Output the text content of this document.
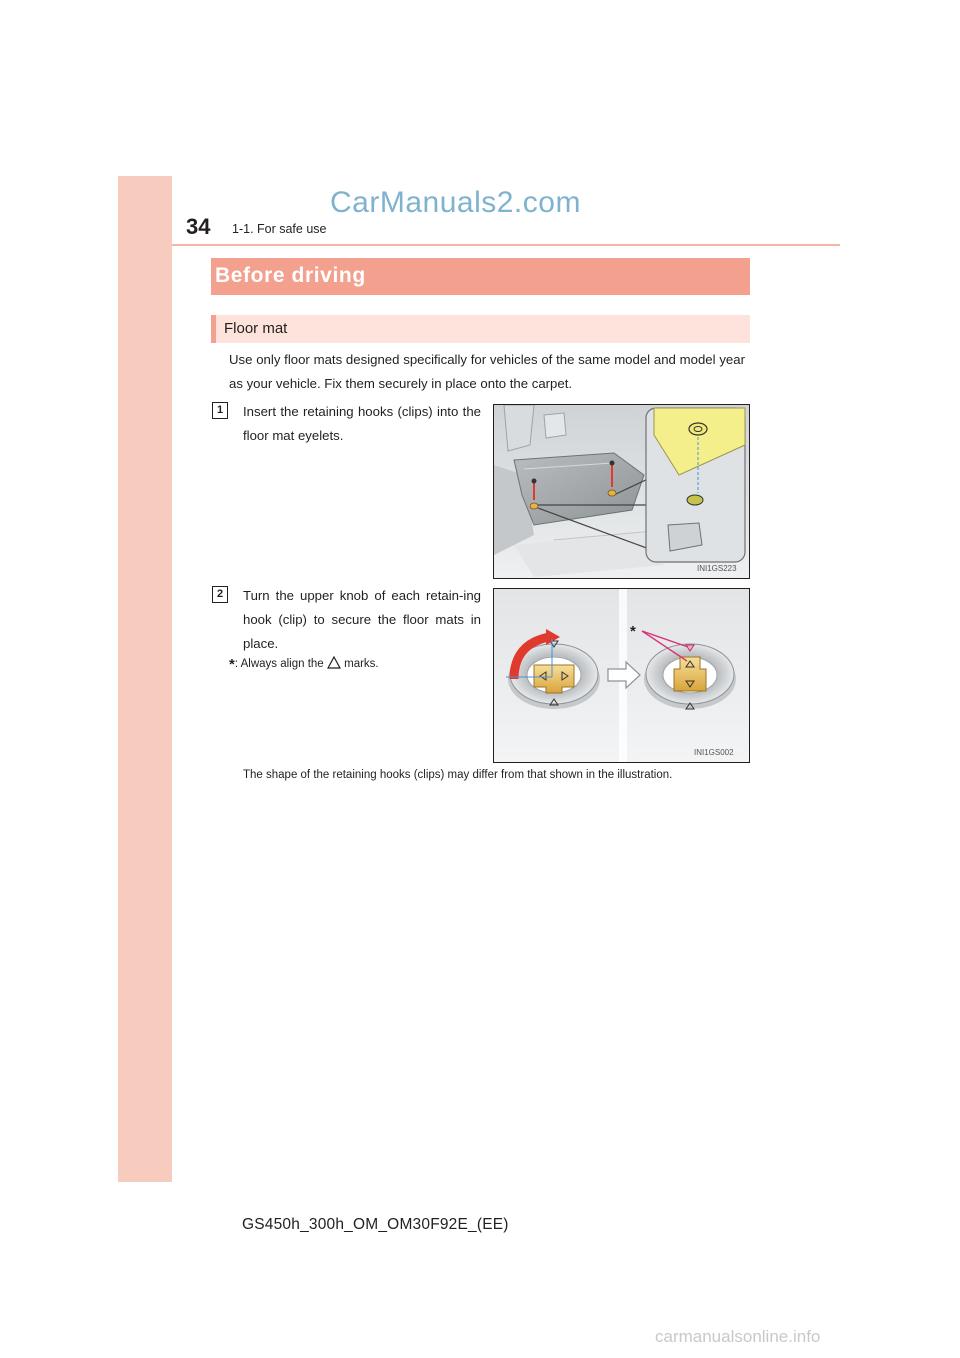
34 1-1. For safe use
CarManuals2.com
Before driving
Floor mat
Use only floor mats designed specifically for vehicles of the same model and model year as your vehicle. Fix them securely in place onto the carpet.
1	Insert the retaining hooks (clips) into the floor mat eyelets.
INI1GS223
2	Turn the upper knob of each retain-ing hook (clip) to secure the floor mats in place.
*: Always align the marks.
*
INI1GS002
The shape of the retaining hooks (clips) may differ from that shown in the illustration.
GS450h_300h_OM_OM30F92E_(EE)
carmanualsonline.info
